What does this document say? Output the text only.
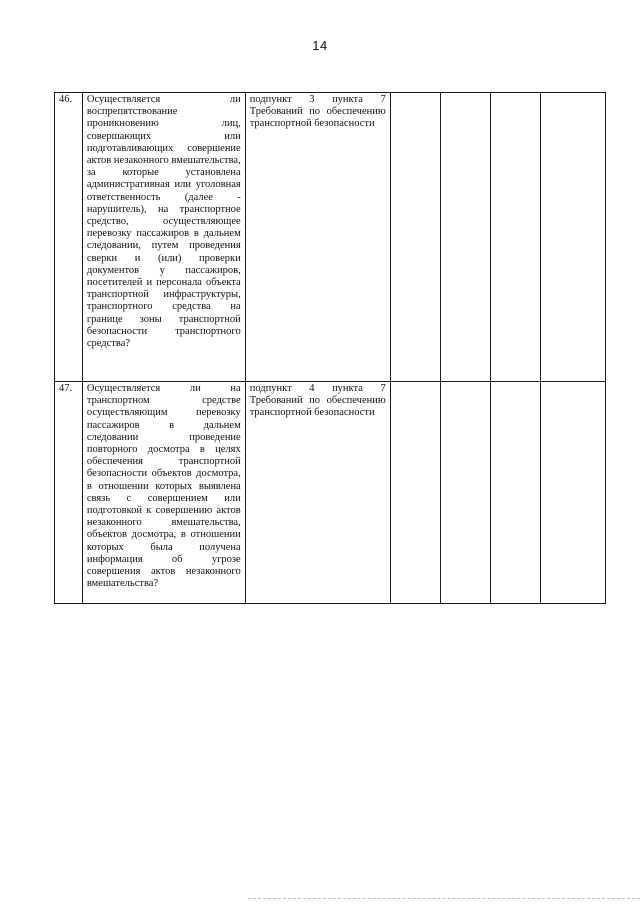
14
46.	Осуществляется ли воспрепятствование проникновению лиц, совершающих или подготавливающих совершение актов незаконного вмешательства, за которые установлена административная или уголовная ответственность (далее - нарушитель), на транспортное средство, осуществляющее перевозку пассажиров в дальнем следовании, путем проведения сверки и (или) проверки документов у пассажиров, посетителей и персонала объекта транспортной инфраструктуры, транспортного средства на границе зоны транспортной безопасности транспортного средства?	подпункт 3 пункта 7 Требований по обеспечению транспортной безопасности				
47.	Осуществляется ли на транспортном средстве осуществляющим перевозку пассажиров в дальнем следовании проведение повторного досмотра в целях обеспечения транспортной безопасности объектов досмотра, в отношении которых выявлена связь с совершением или подготовкой к совершению актов незаконного вмешательства, объектов досмотра, в отношении которых была получена информация об угрозе совершения актов незаконного вмешательства?	подпункт 4 пункта 7 Требований по обеспечению транспортной безопасности				
